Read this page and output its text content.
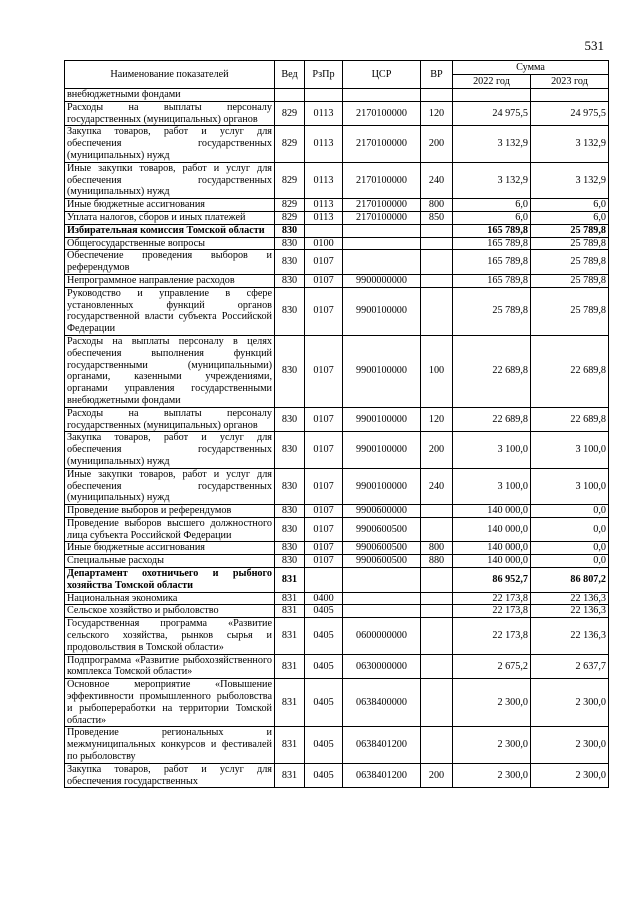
531
Наименование показателей	Вед	РзПр	ЦСР	ВР	Сумма	
					2022 год	2023 год
внебюджетными фондами						
Расходы на выплаты персоналу государственных (муниципальных) органов	829	0113	2170100000	120	24 975,5	24 975,5
Закупка товаров, работ и услуг для обеспечения государственных (муниципальных) нужд	829	0113	2170100000	200	3 132,9	3 132,9
Иные закупки товаров, работ и услуг для обеспечения государственных (муниципальных) нужд	829	0113	2170100000	240	3 132,9	3 132,9
Иные бюджетные ассигнования	829	0113	2170100000	800	6,0	6,0
Уплата налогов, сборов и иных платежей	829	0113	2170100000	850	6,0	6,0
Избирательная комиссия Томской области	830				165 789,8	25 789,8
Общегосударственные вопросы	830	0100			165 789,8	25 789,8
Обеспечение проведения выборов и референдумов	830	0107			165 789,8	25 789,8
Непрограммное направление расходов	830	0107	9900000000		165 789,8	25 789,8
Руководство и управление в сфере установленных функций органов государственной власти субъекта Российской Федерации	830	0107	9900100000		25 789,8	25 789,8
Расходы на выплаты персоналу в целях обеспечения выполнения функций государственными (муниципальными) органами, казенными учреждениями, органами управления государственными внебюджетными фондами	830	0107	9900100000	100	22 689,8	22 689,8
Расходы на выплаты персоналу государственных (муниципальных) органов	830	0107	9900100000	120	22 689,8	22 689,8
Закупка товаров, работ и услуг для обеспечения государственных (муниципальных) нужд	830	0107	9900100000	200	3 100,0	3 100,0
Иные закупки товаров, работ и услуг для обеспечения государственных (муниципальных) нужд	830	0107	9900100000	240	3 100,0	3 100,0
Проведение выборов и референдумов	830	0107	9900600000		140 000,0	0,0
Проведение выборов высшего должностного лица субъекта Российской Федерации	830	0107	9900600500		140 000,0	0,0
Иные бюджетные ассигнования	830	0107	9900600500	800	140 000,0	0,0
Специальные расходы	830	0107	9900600500	880	140 000,0	0,0
Департамент охотничьего и рыбного хозяйства Томской области	831				86 952,7	86 807,2
Национальная экономика	831	0400			22 173,8	22 136,3
Сельское хозяйство и рыболовство	831	0405			22 173,8	22 136,3
Государственная программа «Развитие сельского хозяйства, рынков сырья и продовольствия в Томской области»	831	0405	0600000000		22 173,8	22 136,3
Подпрограмма «Развитие рыбохозяйственного комплекса Томской области»	831	0405	0630000000		2 675,2	2 637,7
Основное мероприятие «Повышение эффективности промышленного рыболовства и рыбопереработки на территории Томской области»	831	0405	0638400000		2 300,0	2 300,0
Проведение региональных и межмуниципальных конкурсов и фестивалей по рыболовству	831	0405	0638401200		2 300,0	2 300,0
Закупка товаров, работ и услуг для обеспечения государственных	831	0405	0638401200	200	2 300,0	2 300,0
